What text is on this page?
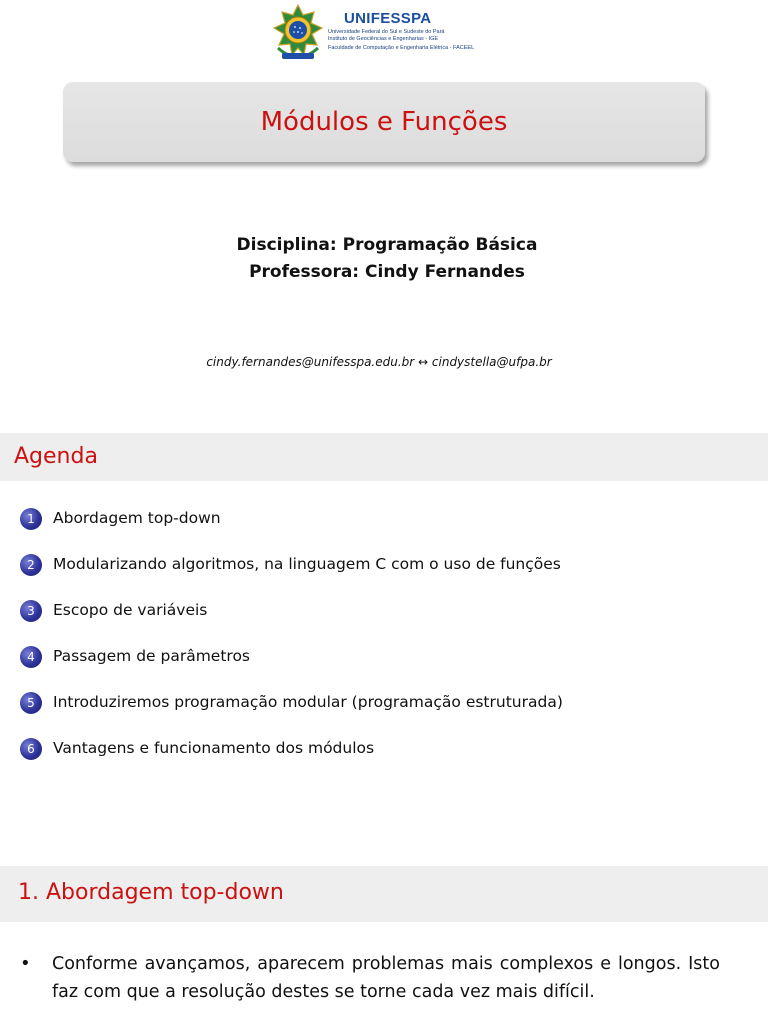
UNIFESSPA
Universidade Federal do Sul e Sudeste do Pará
Instituto de Geociências e Engenharias - IGE
Faculdade de Computação e Engenharia Elétrica - FACEEL
Módulos e Funções
Disciplina: Programação Básica
Professora: Cindy Fernandes
cindy.fernandes@unifesspa.edu.br ↔ cindystella@ufpa.br
Agenda
1	Abordagem top-down
2	Modularizando algoritmos, na linguagem C com o uso de funções
3	Escopo de variáveis
4	Passagem de parâmetros
5	Introduziremos programação modular (programação estruturada)
6	Vantagens e funcionamento dos módulos
1. Abordagem top-down
•	Conforme avançamos, aparecem problemas mais complexos e longos. Isto faz com que a resolução destes se torne cada vez mais difícil.
